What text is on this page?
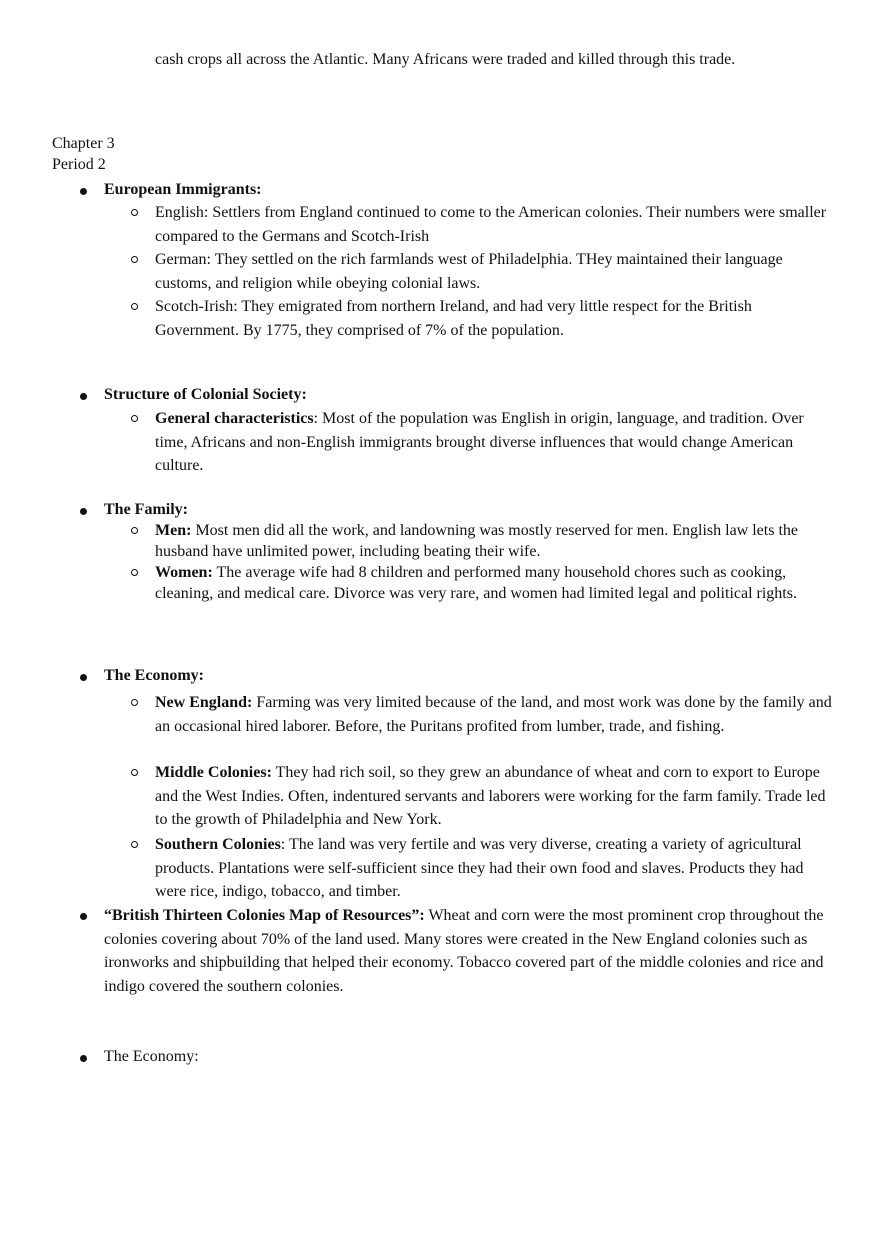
cash crops all across the Atlantic. Many Africans were traded and killed through this trade.
Chapter 3
Period 2
European Immigrants:
English: Settlers from England continued to come to the American colonies. Their numbers were smaller compared to the Germans and Scotch-Irish
German: They settled on the rich farmlands west of Philadelphia. THey maintained their language customs, and religion while obeying colonial laws.
Scotch-Irish: They emigrated from northern Ireland, and had very little respect for the British Government. By 1775, they comprised of 7% of the population.
Structure of Colonial Society:
General characteristics: Most of the population was English in origin, language, and tradition. Over time, Africans and non-English immigrants brought diverse influences that would change American culture.
The Family:
Men: Most men did all the work, and landowning was mostly reserved for men. English law lets the husband have unlimited power, including beating their wife.
Women: The average wife had 8 children and performed many household chores such as cooking, cleaning, and medical care. Divorce was very rare, and women had limited legal and political rights.
The Economy:
New England: Farming was very limited because of the land, and most work was done by the family and an occasional hired laborer. Before, the Puritans profited from lumber, trade, and fishing.
Middle Colonies: They had rich soil, so they grew an abundance of wheat and corn to export to Europe and the West Indies. Often, indentured servants and laborers were working for the farm family. Trade led to the growth of Philadelphia and New York.
Southern Colonies: The land was very fertile and was very diverse, creating a variety of agricultural products. Plantations were self-sufficient since they had their own food and slaves. Products they had were rice, indigo, tobacco, and timber.
“British Thirteen Colonies Map of Resources”: Wheat and corn were the most prominent crop throughout the colonies covering about 70% of the land used. Many stores were created in the New England colonies such as ironworks and shipbuilding that helped their economy. Tobacco covered part of the middle colonies and rice and indigo covered the southern colonies.
The Economy:
